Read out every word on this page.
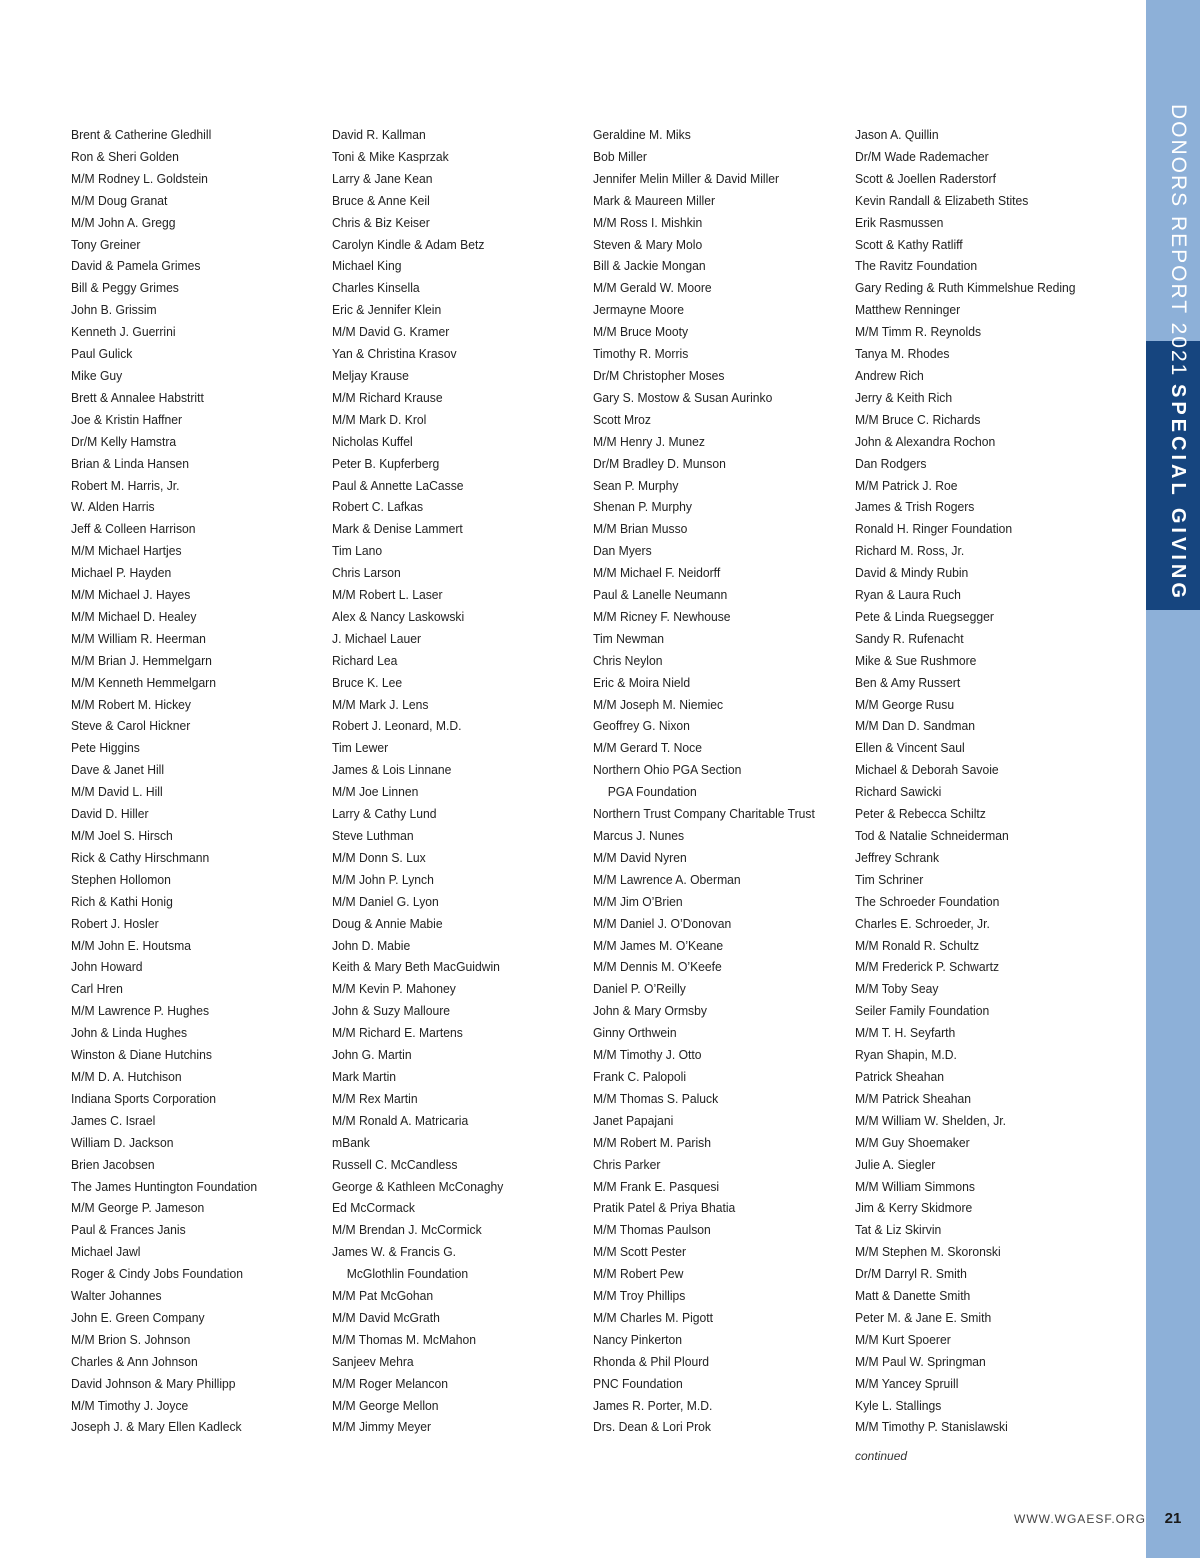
Brent & Catherine Gledhill
Ron & Sheri Golden
M/M Rodney L. Goldstein
M/M Doug Granat
M/M John A. Gregg
Tony Greiner
David & Pamela Grimes
Bill & Peggy Grimes
John B. Grissim
Kenneth J. Guerrini
Paul Gulick
Mike Guy
Brett & Annalee Habstritt
Joe & Kristin Haffner
Dr/M Kelly Hamstra
Brian & Linda Hansen
Robert M. Harris, Jr.
W. Alden Harris
Jeff & Colleen Harrison
M/M Michael Hartjes
Michael P. Hayden
M/M Michael J. Hayes
M/M Michael D. Healey
M/M William R. Heerman
M/M Brian J. Hemmelgarn
M/M Kenneth Hemmelgarn
M/M Robert M. Hickey
Steve & Carol Hickner
Pete Higgins
Dave & Janet Hill
M/M David L. Hill
David D. Hiller
M/M Joel S. Hirsch
Rick & Cathy Hirschmann
Stephen Hollomon
Rich & Kathi Honig
Robert J. Hosler
M/M John E. Houtsma
John Howard
Carl Hren
M/M Lawrence P. Hughes
John & Linda Hughes
Winston & Diane Hutchins
M/M D. A. Hutchison
Indiana Sports Corporation
James C. Israel
William D. Jackson
Brien Jacobsen
The James Huntington Foundation
M/M George P. Jameson
Paul & Frances Janis
Michael Jawl
Roger & Cindy Jobs Foundation
Walter Johannes
John E. Green Company
M/M Brion S. Johnson
Charles & Ann Johnson
David Johnson & Mary Phillipp
M/M Timothy J. Joyce
Joseph J. & Mary Ellen Kadleck
David R. Kallman
Toni & Mike Kasprzak
Larry & Jane Kean
Bruce & Anne Keil
Chris & Biz Keiser
Carolyn Kindle & Adam Betz
Michael King
Charles Kinsella
Eric & Jennifer Klein
M/M David G. Kramer
Yan & Christina Krasov
Meljay Krause
M/M Richard Krause
M/M Mark D. Krol
Nicholas Kuffel
Peter B. Kupferberg
Paul & Annette LaCasse
Robert C. Lafkas
Mark & Denise Lammert
Tim Lano
Chris Larson
M/M Robert L. Laser
Alex & Nancy Laskowski
J. Michael Lauer
Richard Lea
Bruce K. Lee
M/M Mark J. Lens
Robert J. Leonard, M.D.
Tim Lewer
James & Lois Linnane
M/M Joe Linnen
Larry & Cathy Lund
Steve Luthman
M/M Donn S. Lux
M/M John P. Lynch
M/M Daniel G. Lyon
Doug & Annie Mabie
John D. Mabie
Keith & Mary Beth MacGuidwin
M/M Kevin P. Mahoney
John & Suzy Malloure
M/M Richard E. Martens
John G. Martin
Mark Martin
M/M Rex Martin
M/M Ronald A. Matricaria
mBank
Russell C. McCandless
George & Kathleen McConaghy
Ed McCormack
M/M Brendan J. McCormick
James W. & Francis G.
McGlothlin Foundation
M/M Pat McGohan
M/M David McGrath
M/M Thomas M. McMahon
Sanjeev Mehra
M/M Roger Melancon
M/M George Mellon
M/M Jimmy Meyer
Geraldine M. Miks
Bob Miller
Jennifer Melin Miller & David Miller
Mark & Maureen Miller
M/M Ross I. Mishkin
Steven & Mary Molo
Bill & Jackie Mongan
M/M Gerald W. Moore
Jermayne Moore
M/M Bruce Mooty
Timothy R. Morris
Dr/M Christopher Moses
Gary S. Mostow & Susan Aurinko
Scott Mroz
M/M Henry J. Munez
Dr/M Bradley D. Munson
Sean P. Murphy
Shenan P. Murphy
M/M Brian Musso
Dan Myers
M/M Michael F. Neidorff
Paul & Lanelle Neumann
M/M Ricney F. Newhouse
Tim Newman
Chris Neylon
Eric & Moira Nield
M/M Joseph M. Niemiec
Geoffrey G. Nixon
M/M Gerard T. Noce
Northern Ohio PGA Section
PGA Foundation
Northern Trust Company Charitable Trust
Marcus J. Nunes
M/M David Nyren
M/M Lawrence A. Oberman
M/M Jim O’Brien
M/M Daniel J. O’Donovan
M/M James M. O’Keane
M/M Dennis M. O’Keefe
Daniel P. O’Reilly
John & Mary Ormsby
Ginny Orthwein
M/M Timothy J. Otto
Frank C. Palopoli
M/M Thomas S. Paluck
Janet Papajani
M/M Robert M. Parish
Chris Parker
M/M Frank E. Pasquesi
Pratik Patel & Priya Bhatia
M/M Thomas Paulson
M/M Scott Pester
M/M Robert Pew
M/M Troy Phillips
M/M Charles M. Pigott
Nancy Pinkerton
Rhonda & Phil Plourd
PNC Foundation
James R. Porter, M.D.
Drs. Dean & Lori Prok
Jason A. Quillin
Dr/M Wade Rademacher
Scott & Joellen Raderstorf
Kevin Randall & Elizabeth Stites
Erik Rasmussen
Scott & Kathy Ratliff
The Ravitz Foundation
Gary Reding & Ruth Kimmelshue Reding
Matthew Renninger
M/M Timm R. Reynolds
Tanya M. Rhodes
Andrew Rich
Jerry & Keith Rich
M/M Bruce C. Richards
John & Alexandra Rochon
Dan Rodgers
M/M Patrick J. Roe
James & Trish Rogers
Ronald H. Ringer Foundation
Richard M. Ross, Jr.
David & Mindy Rubin
Ryan & Laura Ruch
Pete & Linda Ruegsegger
Sandy R. Rufenacht
Mike & Sue Rushmore
Ben & Amy Russert
M/M George Rusu
M/M Dan D. Sandman
Ellen & Vincent Saul
Michael & Deborah Savoie
Richard Sawicki
Peter & Rebecca Schiltz
Tod & Natalie Schneiderman
Jeffrey Schrank
Tim Schriner
The Schroeder Foundation
Charles E. Schroeder, Jr.
M/M Ronald R. Schultz
M/M Frederick P. Schwartz
M/M Toby Seay
Seiler Family Foundation
M/M T. H. Seyfarth
Ryan Shapin, M.D.
Patrick Sheahan
M/M Patrick Sheahan
M/M William W. Shelden, Jr.
M/M Guy Shoemaker
Julie A. Siegler
M/M William Simmons
Jim & Kerry Skidmore
Tat & Liz Skirvin
M/M Stephen M. Skoronski
Dr/M Darryl R. Smith
Matt & Danette Smith
Peter M. & Jane E. Smith
M/M Kurt Spoerer
M/M Paul W. Springman
M/M Yancey Spruill
Kyle L. Stallings
M/M Timothy P. Stanislawski
continued
DONORS REPORT 2021
SPECIAL GIVING
WWW.WGAESF.ORG	21
